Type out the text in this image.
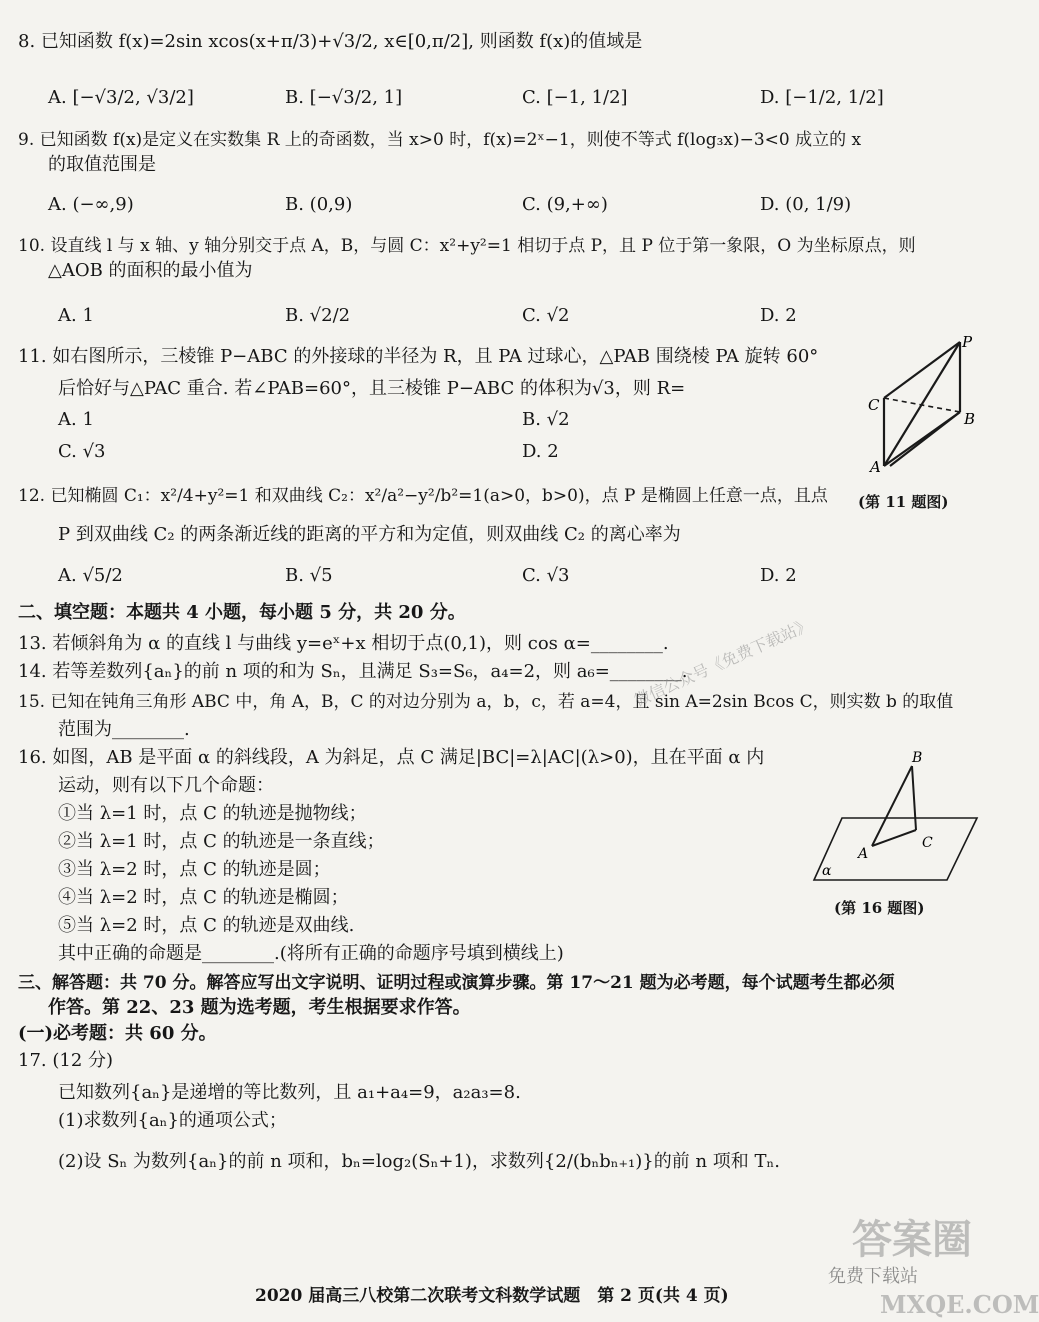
8. 已知函数 f(x)=2sin xcos(x+π/3)+√3/2, x∈[0,π/2], 则函数 f(x)的值域是
A. [−√3/2, √3/2]	B. [−√3/2, 1]	C. [−1, 1/2]	D. [−1/2, 1/2]
9. 已知函数 f(x)是定义在实数集 R 上的奇函数，当 x>0 时，f(x)=2ˣ−1，则使不等式 f(log₃x)−3<0 成立的 x
的取值范围是
A. (−∞,9)	B. (0,9)	C. (9,+∞)	D. (0, 1/9)
10. 设直线 l 与 x 轴、y 轴分别交于点 A，B，与圆 C：x²+y²=1 相切于点 P，且 P 位于第一象限，O 为坐标原点，则
△AOB 的面积的最小值为
A. 1	B. √2/2	C. √2	D. 2
11. 如右图所示，三棱锥 P−ABC 的外接球的半径为 R，且 PA 过球心，△PAB 围绕棱 PA 旋转 60°
后恰好与△PAC 重合. 若∠PAB=60°，且三棱锥 P−ABC 的体积为√3，则 R=
A. 1	B. √2
C. √3	D. 2
P
C
B
A
(第 11 题图)
12. 已知椭圆 C₁：x²/4+y²=1 和双曲线 C₂：x²/a²−y²/b²=1(a>0，b>0)，点 P 是椭圆上任意一点，且点
P 到双曲线 C₂ 的两条渐近线的距离的平方和为定值，则双曲线 C₂ 的离心率为
A. √5/2	B. √5	C. √3	D. 2
二、填空题：本题共 4 小题，每小题 5 分，共 20 分。
13. 若倾斜角为 α 的直线 l 与曲线 y=eˣ+x 相切于点(0,1)，则 cos α=________.
14. 若等差数列{aₙ}的前 n 项的和为 Sₙ，且满足 S₃=S₆，a₄=2，则 a₆=________.
15. 已知在钝角三角形 ABC 中，角 A，B，C 的对边分别为 a，b，c，若 a=4，且 sin A=2sin Bcos C，则实数 b 的取值
范围为________.
微信公众号《免费下载站》
16. 如图，AB 是平面 α 的斜线段，A 为斜足，点 C 满足|BC|=λ|AC|(λ>0)，且在平面 α 内
运动，则有以下几个命题：
①当 λ=1 时，点 C 的轨迹是抛物线；
②当 λ=1 时，点 C 的轨迹是一条直线；
③当 λ=2 时，点 C 的轨迹是圆；
④当 λ=2 时，点 C 的轨迹是椭圆；
⑤当 λ=2 时，点 C 的轨迹是双曲线.
其中正确的命题是________.(将所有正确的命题序号填到横线上)
B
A
C
α
(第 16 题图)
三、解答题：共 70 分。解答应写出文字说明、证明过程或演算步骤。第 17～21 题为必考题，每个试题考生都必须
作答。第 22、23 题为选考题，考生根据要求作答。
(一)必考题：共 60 分。
17. (12 分)
已知数列{aₙ}是递增的等比数列，且 a₁+a₄=9，a₂a₃=8.
(1)求数列{aₙ}的通项公式；
(2)设 Sₙ 为数列{aₙ}的前 n 项和，bₙ=log₂(Sₙ+1)，求数列{2/(bₙbₙ₊₁)}的前 n 项和 Tₙ.
答案圈
免费下载站
MXQE.COM
2020 届高三八校第二次联考文科数学试题　第 2 页(共 4 页)
